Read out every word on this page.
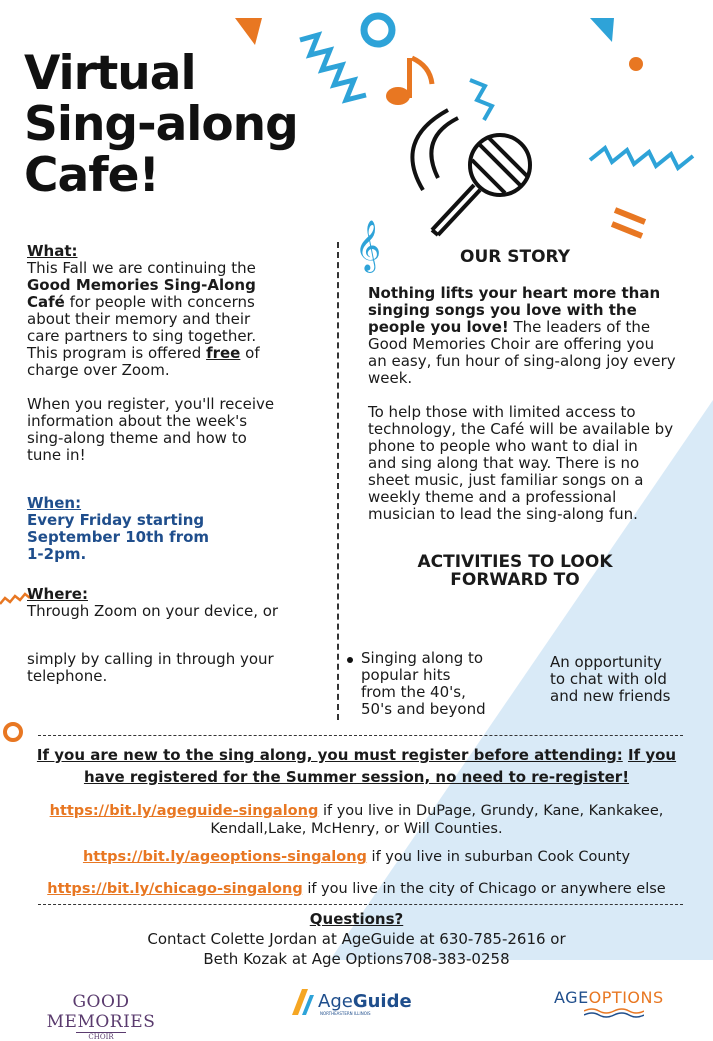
𝄞
Virtual
Sing-along
Cafe!
What:
This Fall we are continuing the
Good Memories Sing-Along
Café for people with concerns
about their memory and their
care partners to sing together.
This program is offered free of
charge over Zoom.
When you register, you'll receive
information about the week's
sing-along theme and how to
tune in!
When:
Every Friday starting
September 10th from
1-2pm.
Where:
Through Zoom on your device, or
simply by calling in through your
telephone.
OUR STORY
Nothing lifts your heart more than
singing songs you love with the
people you love! The leaders of the
Good Memories Choir are offering you
an easy, fun hour of sing-along joy every
week.
To help those with limited access to
technology, the Café will be available by
phone to people who want to dial in
and sing along that way. There is no
sheet music, just familiar songs on a
weekly theme and a professional
musician to lead the sing-along fun.
ACTIVITIES TO LOOK
FORWARD TO
Singing along to
popular hits
from the 40's,
50's and beyond
An opportunity
to chat with old
and new friends
If you are new to the sing along, you must register before attending: If you
have registered for the Summer session, no need to re-register!
https://bit.ly/ageguide-singalong if you live in DuPage, Grundy, Kane, Kankakee,
Kendall,Lake, McHenry, or Will Counties.
https://bit.ly/ageoptions-singalong if you live in suburban Cook County
https://bit.ly/chicago-singalong if you live in the city of Chicago or anywhere else
Questions?
Contact Colette Jordan at AgeGuide at 630-785-2616 or
Beth Kozak at Age Options708-383-0258
GOOD MEMORIES
CHOIR
AgeGuide
NORTHEASTERN ILLINOIS
AGEOPTIONS
